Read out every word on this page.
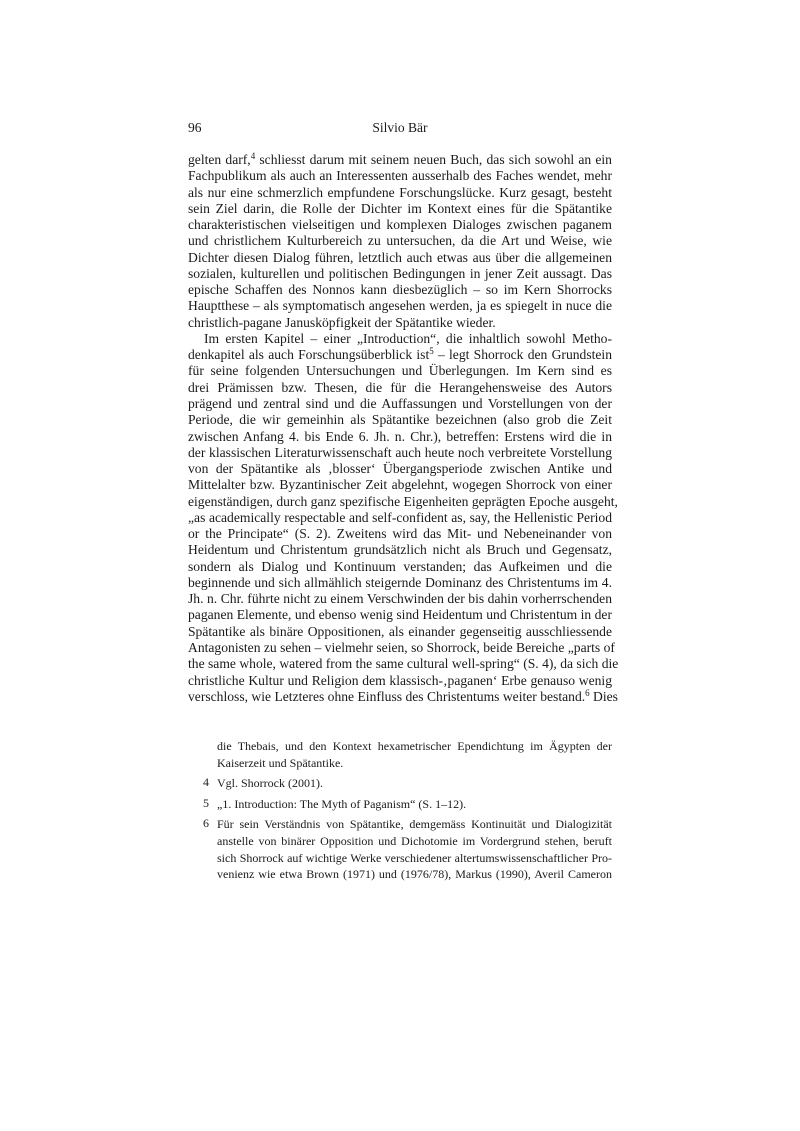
96	Silvio Bär
gelten darf,$^4$ schliesst darum mit seinem neuen Buch, das sich sowohl an ein
Fachpublikum als auch an Interessenten ausserhalb des Faches wendet, mehr
als nur eine schmerzlich empfundene Forschungslücke. Kurz gesagt, besteht
sein Ziel darin, die Rolle der Dichter im Kontext eines für die Spätantike
charakteristischen vielseitigen und komplexen Dialoges zwischen paganem
und christlichem Kulturbereich zu untersuchen, da die Art und Weise, wie
Dichter diesen Dialog führen, letztlich auch etwas aus über die allgemeinen
sozialen, kulturellen und politischen Bedingungen in jener Zeit aussagt. Das
epische Schaffen des Nonnos kann diesbezüglich – so im Kern Shorrocks
Hauptthese – als symptomatisch angesehen werden, ja es spiegelt in nuce die
christlich-pagane Janusköpfigkeit der Spätantike wieder.
Im ersten Kapitel – einer „Introduction“, die inhaltlich sowohl Metho-
denkapitel als auch Forschungsüberblick ist$^5$ – legt Shorrock den Grundstein
für seine folgenden Untersuchungen und Überlegungen. Im Kern sind es
drei Prämissen bzw. Thesen, die für die Herangehensweise des Autors
prägend und zentral sind und die Auffassungen und Vorstellungen von der
Periode, die wir gemeinhin als Spätantike bezeichnen (also grob die Zeit
zwischen Anfang 4. bis Ende 6. Jh. n. Chr.), betreffen: Erstens wird die in
der klassischen Literaturwissenschaft auch heute noch verbreitete Vorstellung
von der Spätantike als ‚blosser‘ Übergangsperiode zwischen Antike und
Mittelalter bzw. Byzantinischer Zeit abgelehnt, wogegen Shorrock von einer
eigenständigen, durch ganz spezifische Eigenheiten geprägten Epoche ausgeht,
„as academically respectable and self-confident as, say, the Hellenistic Period
or the Principate“ (S. 2). Zweitens wird das Mit- und Nebeneinander von
Heidentum und Christentum grundsätzlich nicht als Bruch und Gegensatz,
sondern als Dialog und Kontinuum verstanden; das Aufkeimen und die
beginnende und sich allmählich steigernde Dominanz des Christentums im 4.
Jh. n. Chr. führte nicht zu einem Verschwinden der bis dahin vorherrschenden
paganen Elemente, und ebenso wenig sind Heidentum und Christentum in der
Spätantike als binäre Oppositionen, als einander gegenseitig ausschliessende
Antagonisten zu sehen – vielmehr seien, so Shorrock, beide Bereiche „parts of
the same whole, watered from the same cultural well-spring“ (S. 4), da sich die
christliche Kultur und Religion dem klassisch-‚paganen‘ Erbe genauso wenig
verschloss, wie Letzteres ohne Einfluss des Christentums weiter bestand.$^6$ Dies
die Thebais, und den Kontext hexametrischer Ependichtung im Ägypten der
Kaiserzeit und Spätantike.
4 Vgl. Shorrock (2001).
5 „1. Introduction: The Myth of Paganism“ (S. 1–12).
6 Für sein Verständnis von Spätantike, demgemäss Kontinuität und Dialogizität
anstelle von binärer Opposition und Dichotomie im Vordergrund stehen, beruft
sich Shorrock auf wichtige Werke verschiedener altertumswissenschaftlicher Pro-
venienz wie etwa Brown (1971) und (1976/78), Markus (1990), Averil Cameron
